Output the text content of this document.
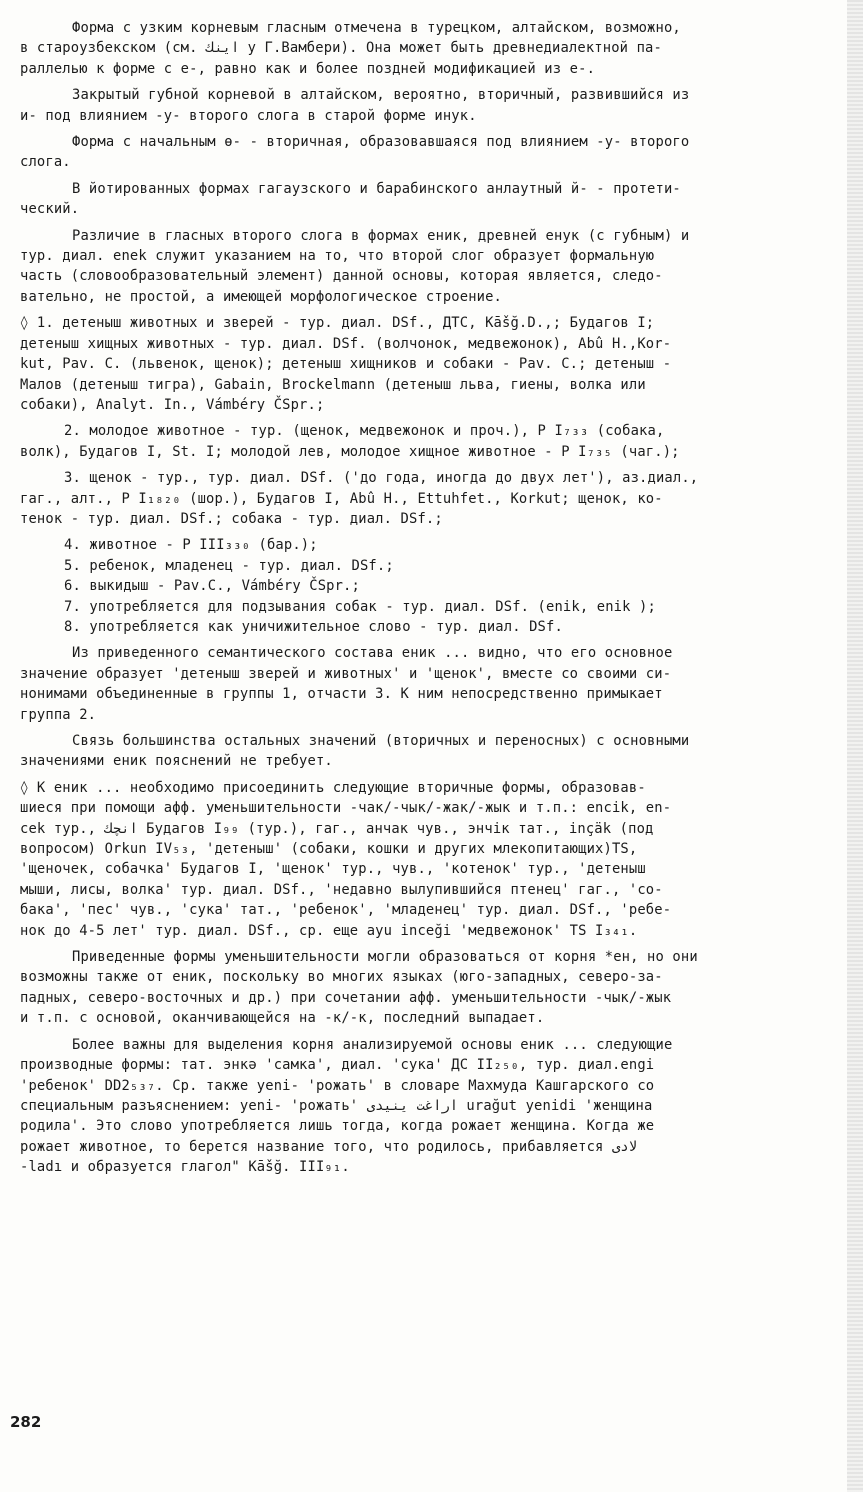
Форма с узким корневым гласным отмечена в турецком, алтайском, возможно,
в староузбекском (см. ﺍﻳﻨﻚ у Г.Вамбери). Она может быть древнедиалектной па-
раллелью к форме с е-, равно как и более поздней модификацией из е-.

Закрытый губной корневой в алтайском, вероятно, вторичный, развившийся из
и- под влиянием -у- второго слога в старой форме инук.

Форма с начальным ө- - вторичная, образовавшаяся под влиянием -у- второго
слога.

В йотированных формах гагаузского и барабинского анлаутный й- - протети-
ческий.

Различие в гласных второго слога в формах еник, древней енук (с губным) и
тур. диал. enek служит указанием на то, что второй слог образует формальную
часть (словообразовательный элемент) данной основы, которая является, следо-
вательно, не простой, а имеющей морфологическое строение.

◊ 1. детеныш животных и зверей - тур. диал. DSf., ДТС, Kāšğ.D.,; Будагов I;
детеныш хищных животных - тур. диал. DSf. (волчонок, медвежонок), Abû H.,Kor-
kut, Pav. C. (львенок, щенок); детеныш хищников и собаки - Pav. C.; детеныш -
Малов (детеныш тигра), Gabain, Brockelmann (детеныш льва, гиены, волка или
собаки), Analyt. In., Vámbéry ČSpr.;

2. молодое животное - тур. (щенок, медвежонок и проч.), P I₇₃₃ (собака,
волк), Будагов I, St. I; молодой лев, молодое хищное животное - P I₇₃₅ (чаг.);

3. щенок - тур., тур. диал. DSf. ('до года, иногда до двух лет'), аз.диал.,
гаг., алт., P I₁₈₂₀ (шор.), Будагов I, Abû H., Ettuhfet., Korkut; щенок, ко-
тенок - тур. диал. DSf.; собака - тур. диал. DSf.;

4. животное - P III₃₃₀ (бар.);
5. ребенок, младенец - тур. диал. DSf.;
6. выкидыш - Pav.C., Vámbéry ČSpr.;
7. употребляется для подзывания собак - тур. диал. DSf. (enik, enik );
8. употребляется как уничижительное слово - тур. диал. DSf.

Из приведенного семантического состава еник ... видно, что его основное
значение образует 'детеныш зверей и животных' и 'щенок', вместе со своими си-
нонимами объединенные в группы 1, отчасти 3. К ним непосредственно примыкает
группа 2.

Связь большинства остальных значений (вторичных и переносных) с основными
значениями еник пояснений не требует.

◊ К еник ... необходимо присоединить следующие вторичные формы, образовав-
шиеся при помощи афф. уменьшительности -чак/-чык/-жак/-жык и т.п.: encik, en-
cek тур., ﺍﻧﭽﻚ Будагов I₉₉ (тур.), гаг., анчак чув., энчiк тат., inçäk (под
вопросом) Orkun IV₅₃, 'детеныш' (собаки, кошки и других млекопитающих)TS,
'щеночек, собачка' Будагов I, 'щенок' тур., чув., 'котенок' тур., 'детеныш
мыши, лисы, волка' тур. диал. DSf., 'недавно вылупившийся птенец' гаг., 'со-
бака', 'пес' чув., 'сука' тат., 'ребенок', 'младенец' тур. диал. DSf., 'ребе-
нок до 4-5 лет' тур. диал. DSf., ср. еще ayu inceği 'медвежонок' TS I₃₄₁.

Приведенные формы уменьшительности могли образоваться от корня *ен, но они
возможны также от еник, поскольку во многих языках (юго-западных, северо-за-
падных, северо-восточных и др.) при сочетании афф. уменьшительности -чык/-жык
и т.п. с основой, оканчивающейся на -к/-к, последний выпадает.

Более важны для выделения корня анализируемой основы еник ... следующие
производные формы: тат. энкә 'самка', диал. 'сука' ДС II₂₅₀, тур. диал.engi
'ребенок' DD2₅₃₇. Ср. также yeni- 'рожать' в словаре Махмуда Кашгарского со
специальным разъяснением: yeni- 'рожать' ﺍﺭﺍﻏﺖ ﻳﻨﻴﺪﻯ urağut yenidi 'женщина
родила'. Это слово употребляется лишь тогда, когда рожает женщина. Когда же
рожает животное, то берется название того, что родилось, прибавляется ﻻﺩﻯ
-ladı и образуется глагол" Kāšğ. III₉₁.

282
